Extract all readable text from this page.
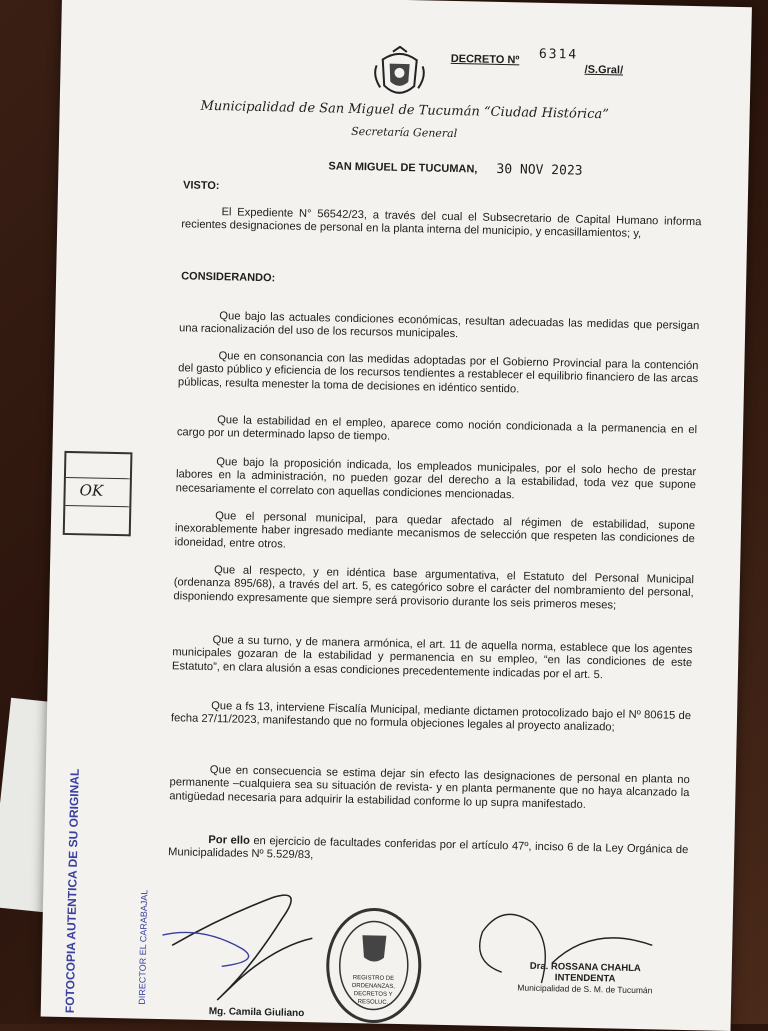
DECRETO Nº 6314
/S.Gral/
Municipalidad de San Miguel de Tucumán “Ciudad Histórica”
Secretaría General
SAN MIGUEL DE TUCUMAN, 30 NOV 2023
VISTO:
El Expediente N° 56542/23, a través del cual el Subsecretario de Capital Humano informa recientes designaciones de personal en la planta interna del municipio, y encasillamientos; y,
CONSIDERANDO:
Que bajo las actuales condiciones económicas, resultan adecuadas las medidas que persigan una racionalización del uso de los recursos municipales.
Que en consonancia con las medidas adoptadas por el Gobierno Provincial para la contención del gasto público y eficiencia de los recursos tendientes a restablecer el equilibrio financiero de las arcas públicas, resulta menester la toma de decisiones en idéntico sentido.
Que la estabilidad en el empleo, aparece como noción condicionada a la permanencia en el cargo por un determinado lapso de tiempo.
Que bajo la proposición indicada, los empleados municipales, por el solo hecho de prestar labores en la administración, no pueden gozar del derecho a la estabilidad, toda vez que supone necesariamente el correlato con aquellas condiciones mencionadas.
Que el personal municipal, para quedar afectado al régimen de estabilidad, supone inexorablemente haber ingresado mediante mecanismos de selección que respeten las condiciones de idoneidad, entre otros.
Que al respecto, y en idéntica base argumentativa, el Estatuto del Personal Municipal (ordenanza 895/68), a través del art. 5, es categórico sobre el carácter del nombramiento del personal, disponiendo expresamente que siempre será provisorio durante los seis primeros meses;
Que a su turno, y de manera armónica, el art. 11 de aquella norma, establece que los agentes municipales gozaran de la estabilidad y permanencia en su empleo, “en las condiciones de este Estatuto”, en clara alusión a esas condiciones precedentemente indicadas por el art. 5.
Que a fs 13, interviene Fiscalía Municipal, mediante dictamen protocolizado bajo el Nº 80615 de fecha 27/11/2023, manifestando que no formula objeciones legales al proyecto analizado;
Que en consecuencia se estima dejar sin efecto las designaciones de personal en planta no permanente –cualquiera sea su situación de revista- y en planta permanente que no haya alcanzado la antigüedad necesaria para adquirir la estabilidad conforme lo up supra manifestado.
Por ello en ejercicio de facultades conferidas por el artículo 47º, inciso 6 de la Ley Orgánica de Municipalidades Nº 5.529/83,
OK
FOTOCOPIA AUTENTICA DE SU ORIGINAL	DIRECTOR EL CARABAJAL
Mg. Camila Giuliano
REGISTRO DE
ORDENANZAS,
DECRETOS Y
RESOLUC.
Dra. ROSSANA CHAHLA
INTENDENTA
Municipalidad de S. M. de Tucumán
